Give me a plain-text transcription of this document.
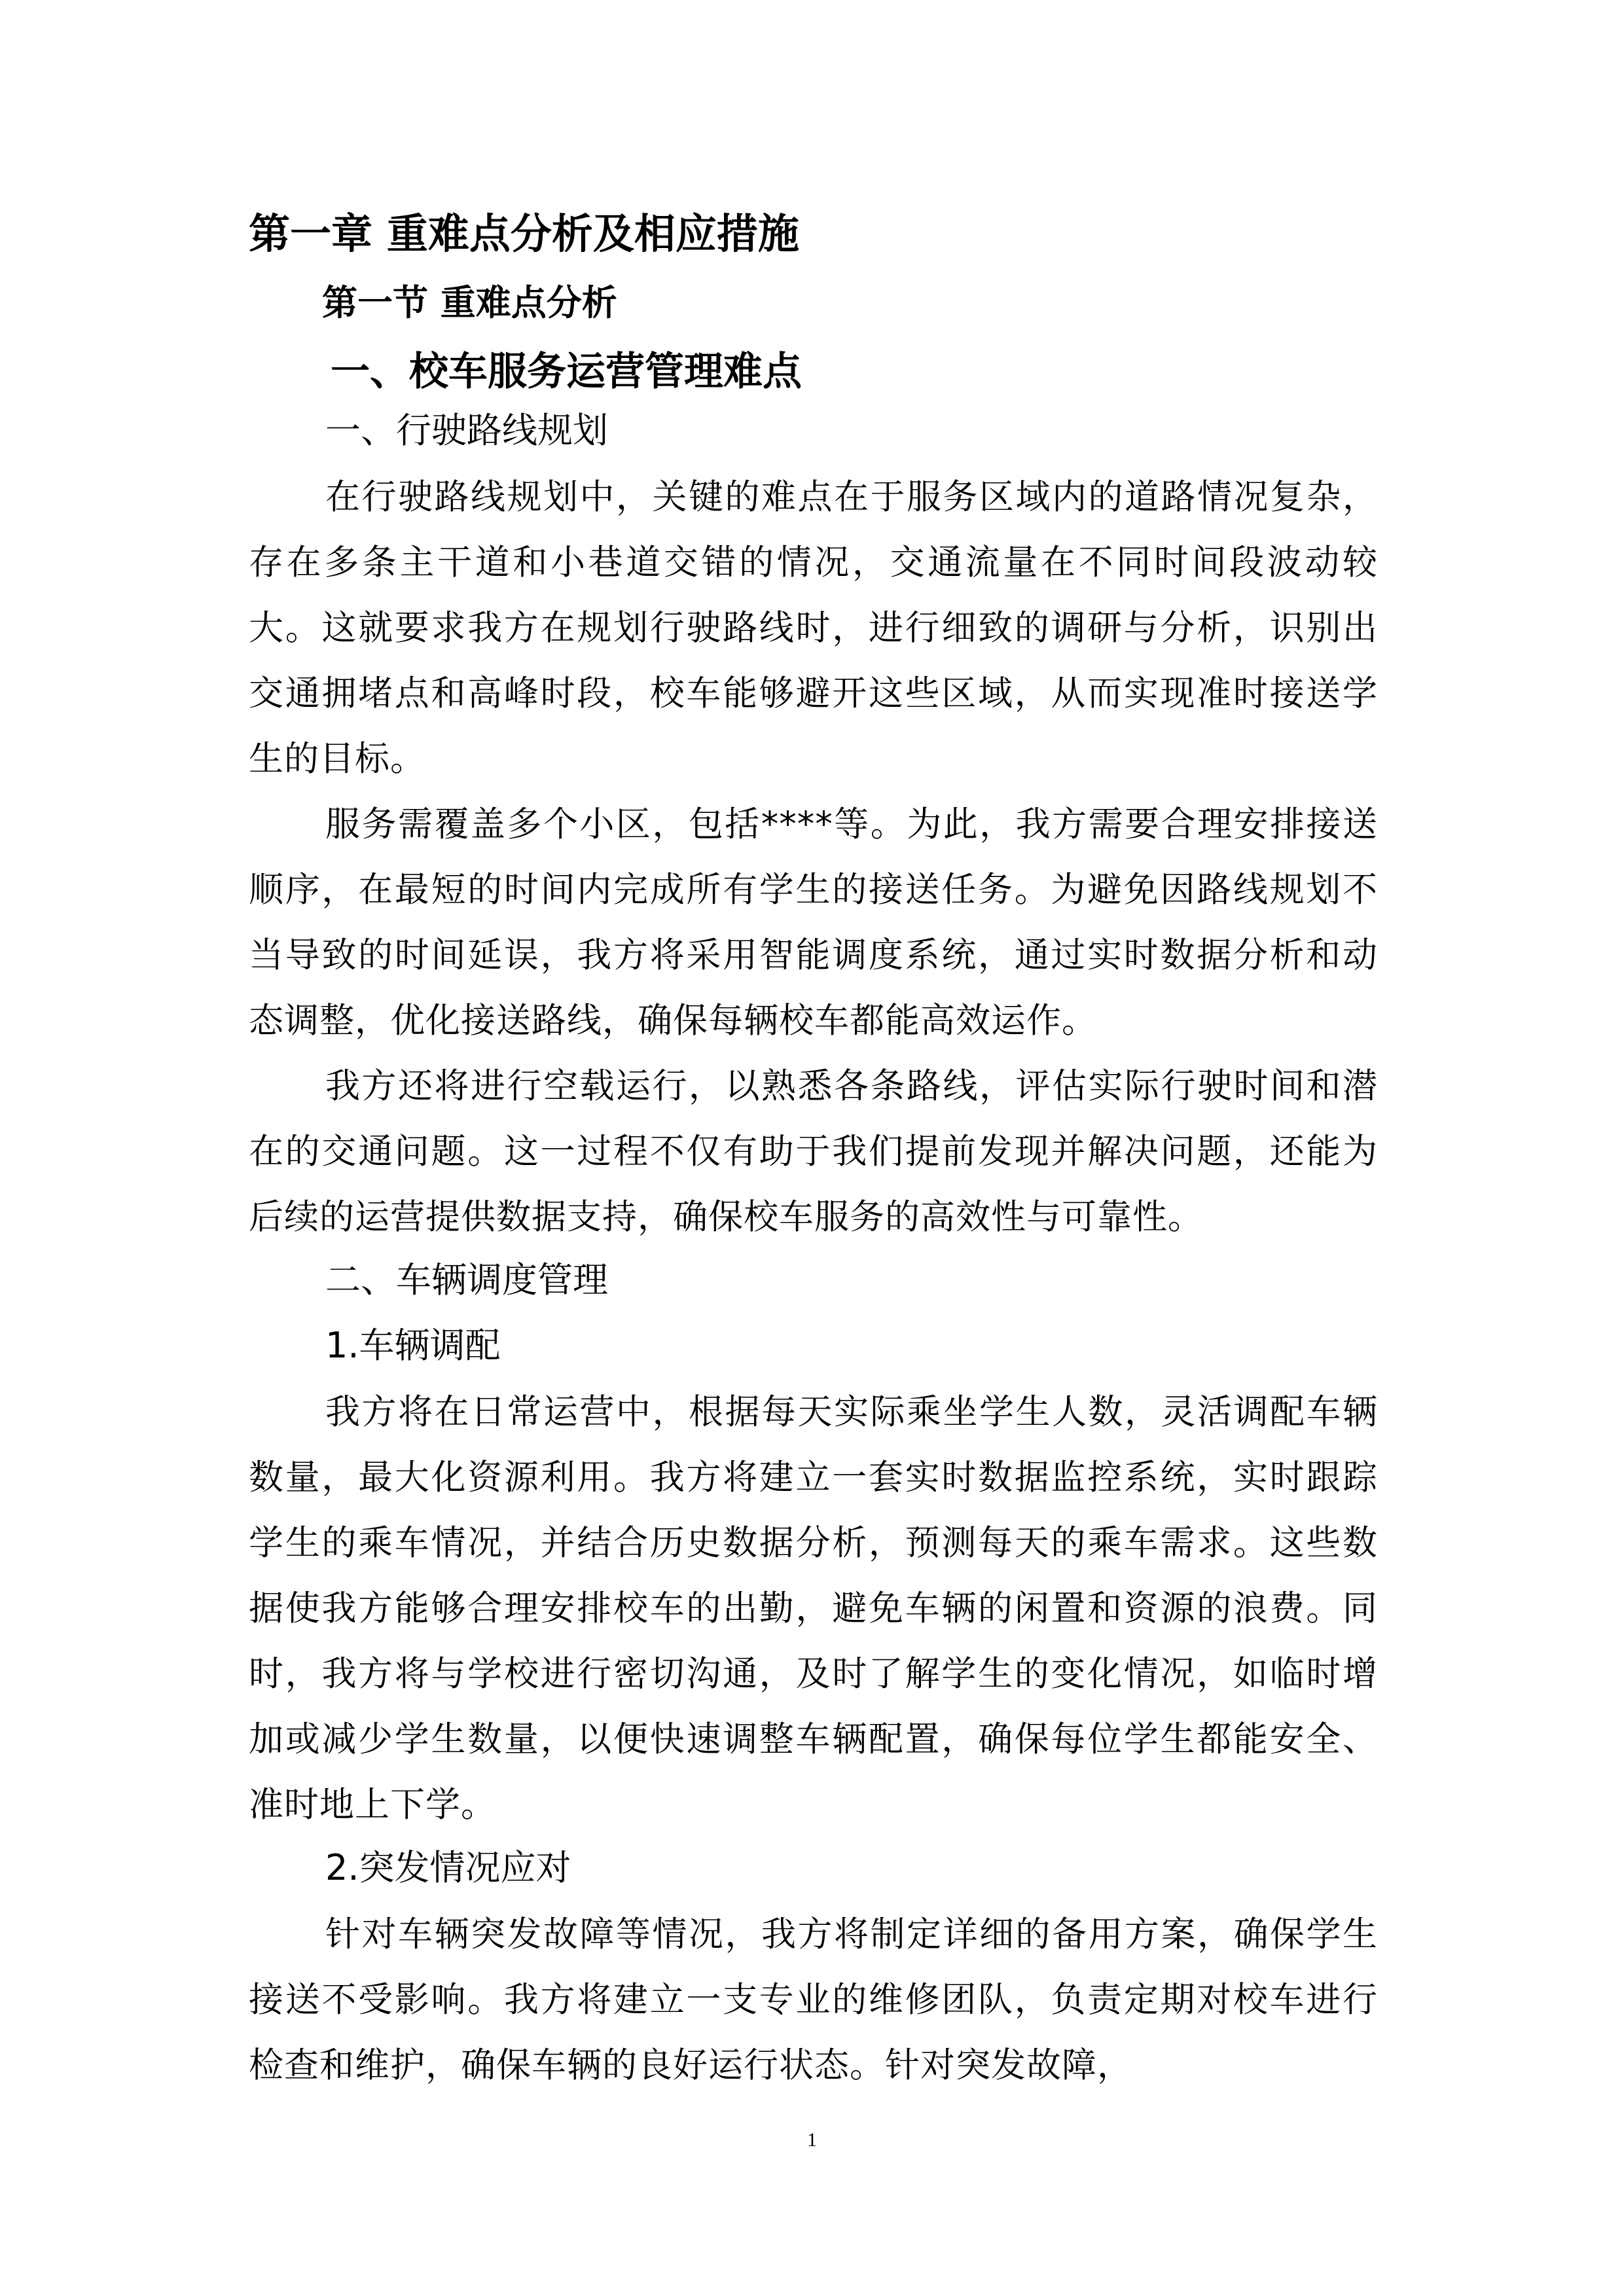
第一章 重难点分析及相应措施
第一节 重难点分析
一、校车服务运营管理难点
一、行驶路线规划

在行驶路线规划中，关键的难点在于服务区域内的道路情况复杂，存在多条主干道和小巷道交错的情况，交通流量在不同时间段波动较大。这就要求我方在规划行驶路线时，进行细致的调研与分析，识别出交通拥堵点和高峰时段，校车能够避开这些区域，从而实现准时接送学生的目标。

服务需覆盖多个小区，包括****等。为此，我方需要合理安排接送顺序，在最短的时间内完成所有学生的接送任务。为避免因路线规划不当导致的时间延误，我方将采用智能调度系统，通过实时数据分析和动态调整，优化接送路线，确保每辆校车都能高效运作。

我方还将进行空载运行，以熟悉各条路线，评估实际行驶时间和潜在的交通问题。这一过程不仅有助于我们提前发现并解决问题，还能为后续的运营提供数据支持，确保校车服务的高效性与可靠性。

二、车辆调度管理
1.车辆调配

我方将在日常运营中，根据每天实际乘坐学生人数，灵活调配车辆数量，最大化资源利用。我方将建立一套实时数据监控系统，实时跟踪学生的乘车情况，并结合历史数据分析，预测每天的乘车需求。这些数据使我方能够合理安排校车的出勤，避免车辆的闲置和资源的浪费。同时，我方将与学校进行密切沟通，及时了解学生的变化情况，如临时增加或减少学生数量，以便快速调整车辆配置，确保每位学生都能安全、准时地上下学。

2.突发情况应对

针对车辆突发故障等情况，我方将制定详细的备用方案，确保学生接送不受影响。我方将建立一支专业的维修团队，负责定期对校车进行检查和维护，确保车辆的良好运行状态。针对突发故障，

1
